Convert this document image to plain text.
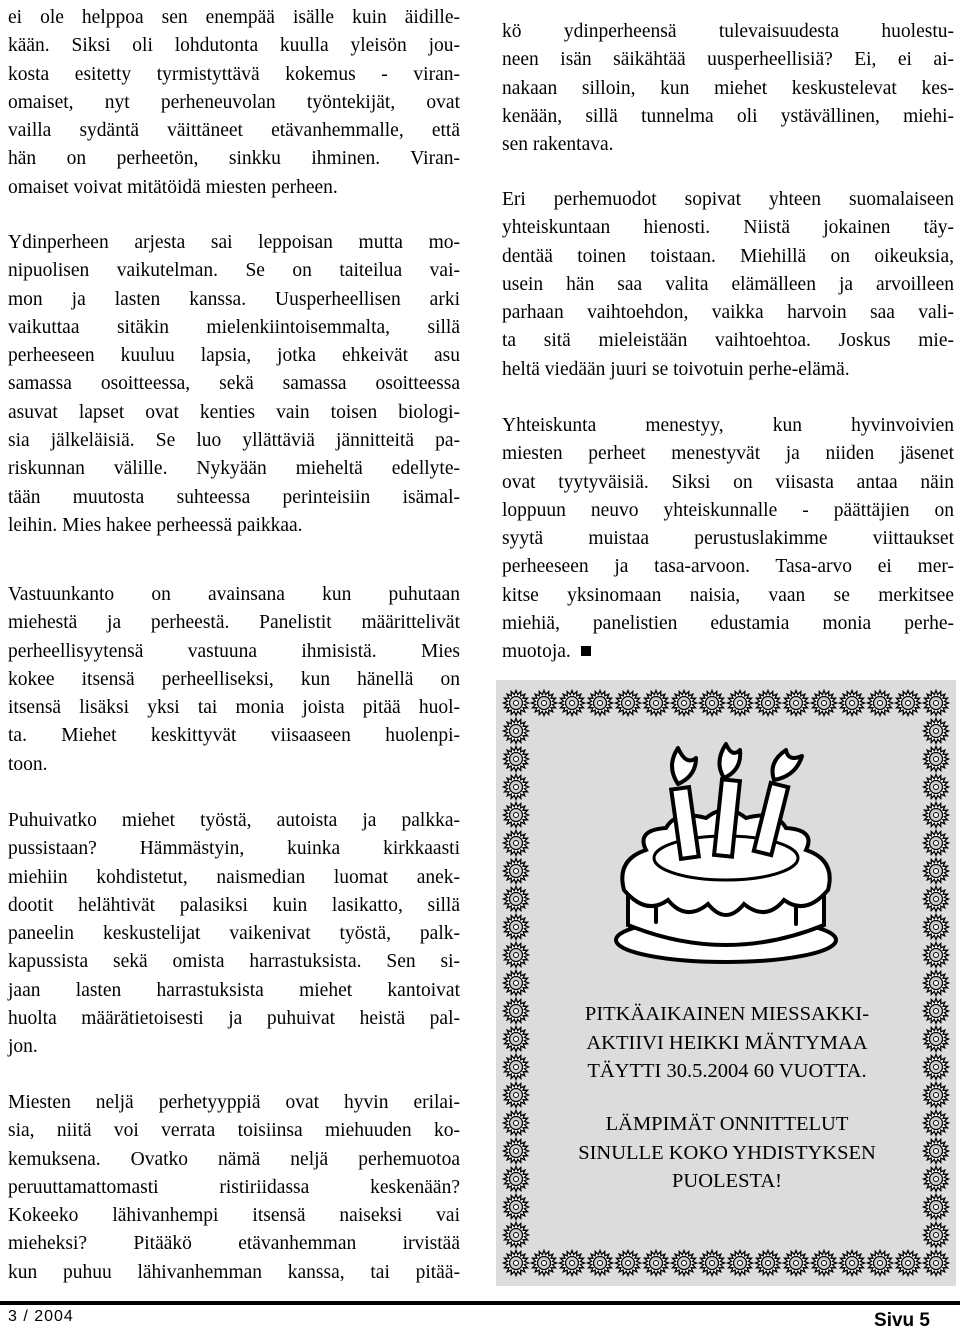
ei ole helppoa sen enempää isälle kuin äidille-
kään. Siksi oli lohdutonta kuulla yleisön jou-
kosta esitetty tyrmistyttävä kokemus - viran-
omaiset, nyt perheneuvolan työntekijät, ovat
vailla sydäntä väittäneet etävanhemmalle, että
hän on perheetön, sinkku ihminen. Viran-
omaiset voivat mitätöidä miesten perheen.
Ydinperheen arjesta sai leppoisan mutta mo-
nipuolisen vaikutelman. Se on taiteilua vai-
mon ja lasten kanssa. Uusperheellisen arki
vaikuttaa sitäkin mielenkiintoisemmalta, sillä
perheeseen kuuluu lapsia, jotka ehkeivät asu
samassa osoitteessa, sekä samassa osoitteessa
asuvat lapset ovat kenties vain toisen biologi-
sia jälkeläisiä. Se luo yllättäviä jännitteitä pa-
riskunnan välille. Nykyään mieheltä edellyte-
tään muutosta suhteessa perinteisiin isämal-
leihin. Mies hakee perheessä paikkaa.
Vastuunkanto on avainsana kun puhutaan
miehestä ja perheestä. Panelistit määrittelivät
perheellisyytensä vastuuna ihmisistä. Mies
kokee itsensä perheelliseksi, kun hänellä on
itsensä lisäksi yksi tai monia joista pitää huol-
ta. Miehet keskittyvät viisaaseen huolenpi-
toon.
Puhuivatko miehet työstä, autoista ja palkka-
pussistaan? Hämmästyin, kuinka kirkkaasti
miehiin kohdistetut, naismedian luomat anek-
dootit helähtivät palasiksi kuin lasikatto, sillä
paneelin keskustelijat vaikenivat työstä, palk-
kapussista sekä omista harrastuksista. Sen si-
jaan lasten harrastuksista miehet kantoivat
huolta määrätietoisesti ja puhuivat heistä pal-
jon.
Miesten neljä perhetyyppiä ovat hyvin erilai-
sia, niitä voi verrata toisiinsa miehuuden ko-
kemuksena. Ovatko nämä neljä perhemuotoa
peruuttamattomasti ristiriidassa keskenään?
Kokeeko lähivanhempi itsensä naiseksi vai
mieheksi? Pitääkö etävanhemman irvistää
kun puhuu lähivanhemman kanssa, tai pitää-
kö ydinperheensä tulevaisuudesta huolestu-
neen isän säikähtää uusperheellisiä? Ei, ei ai-
nakaan silloin, kun miehet keskustelevat kes-
kenään, sillä tunnelma oli ystävällinen, miehi-
sen rakentava.
Eri perhemuodot sopivat yhteen suomalaiseen
yhteiskuntaan hienosti. Niistä jokainen täy-
dentää toinen toistaan. Miehillä on oikeuksia,
usein hän saa valita elämälleen ja arvoilleen
parhaan vaihtoehdon, vaikka harvoin saa vali-
ta sitä mieleistään vaihtoehtoa. Joskus mie-
heltä viedään juuri se toivotuin perhe-elämä.
Yhteiskunta menestyy, kun hyvinvoivien
miesten perheet menestyvät ja niiden jäsenet
ovat tyytyväisiä. Siksi on viisasta antaa näin
loppuun neuvo yhteiskunnalle - päättäjien on
syytä muistaa perustuslakimme viittaukset
perheeseen ja tasa-arvoon. Tasa-arvo ei mer-
kitse yksinomaan naisia, vaan se merkitsee
miehiä, panelistien edustamia monia perhe-
muotoja.

PITKÄAIKAINEN MIESSAKKI-

AKTIIVI HEIKKI MÄNTYMAA

TÄYTTI 30.5.2004 60 VUOTTA.

LÄMPIMÄT ONNITTELUT

SINULLE KOKO YHDISTYKSEN

PUOLESTA!

3 / 2004	Sivu 5
